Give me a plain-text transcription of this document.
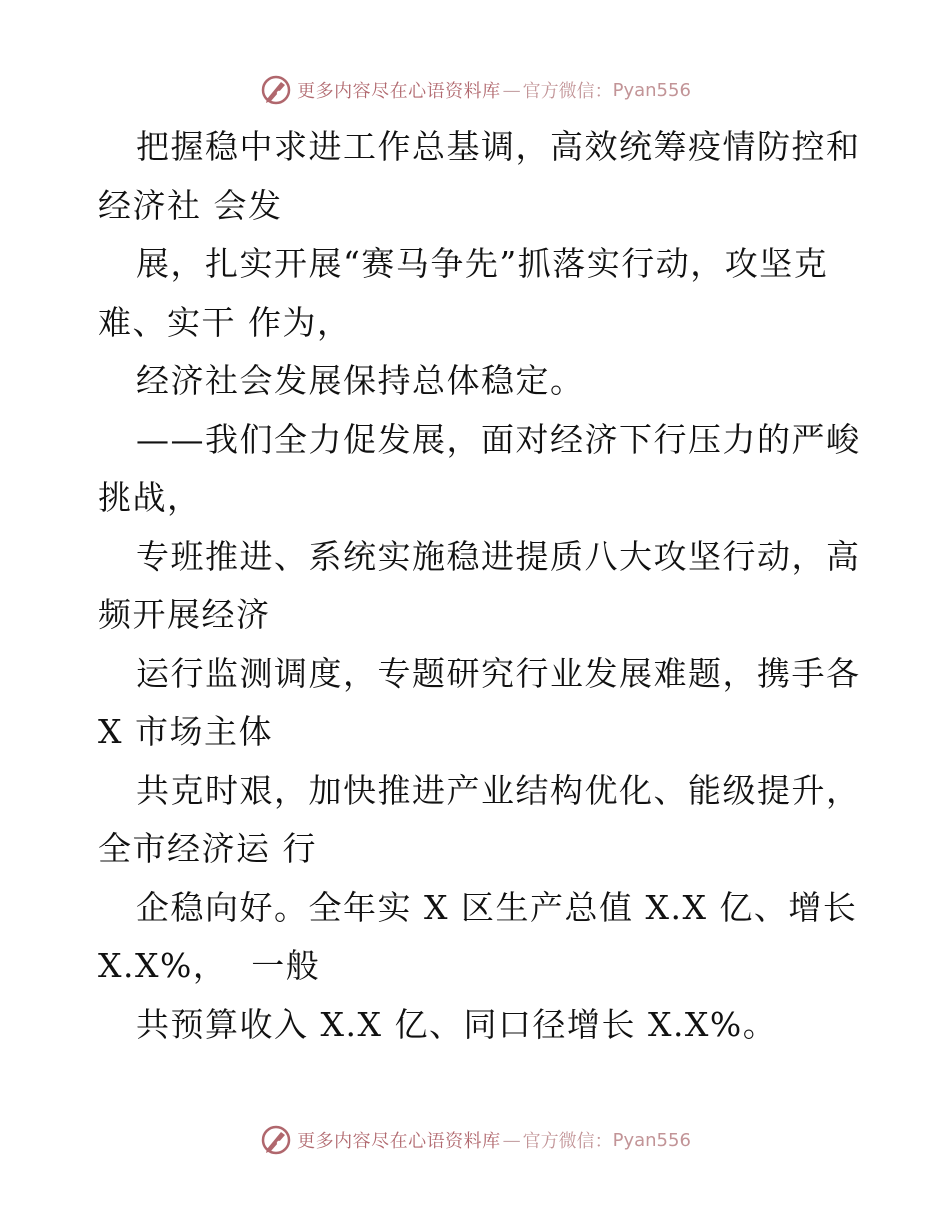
更多内容尽在心语资料库 — 官方微信： Pyan556
把握稳中求进工作总基调，高效统筹疫情防控和
经济社 会发
展，扎实开展“赛马争先”抓落实行动，攻坚克
难、实干 作为，
经济社会发展保持总体稳定。
——我们全力促发展，面对经济下行压力的严峻
挑战，
专班推进、系统实施稳进提质八大攻坚行动，高
频开展经济
运行监测调度，专题研究行业发展难题，携手各
X 市场主体
共克时艰，加快推进产业结构优化、能级提升，
全市经济运 行
企稳向好。全年实 X 区生产总值 X.X 亿、增长
X.X%，  一般
共预算收入 X.X 亿、同口径增长 X.X%。
更多内容尽在心语资料库 — 官方微信： Pyan556
